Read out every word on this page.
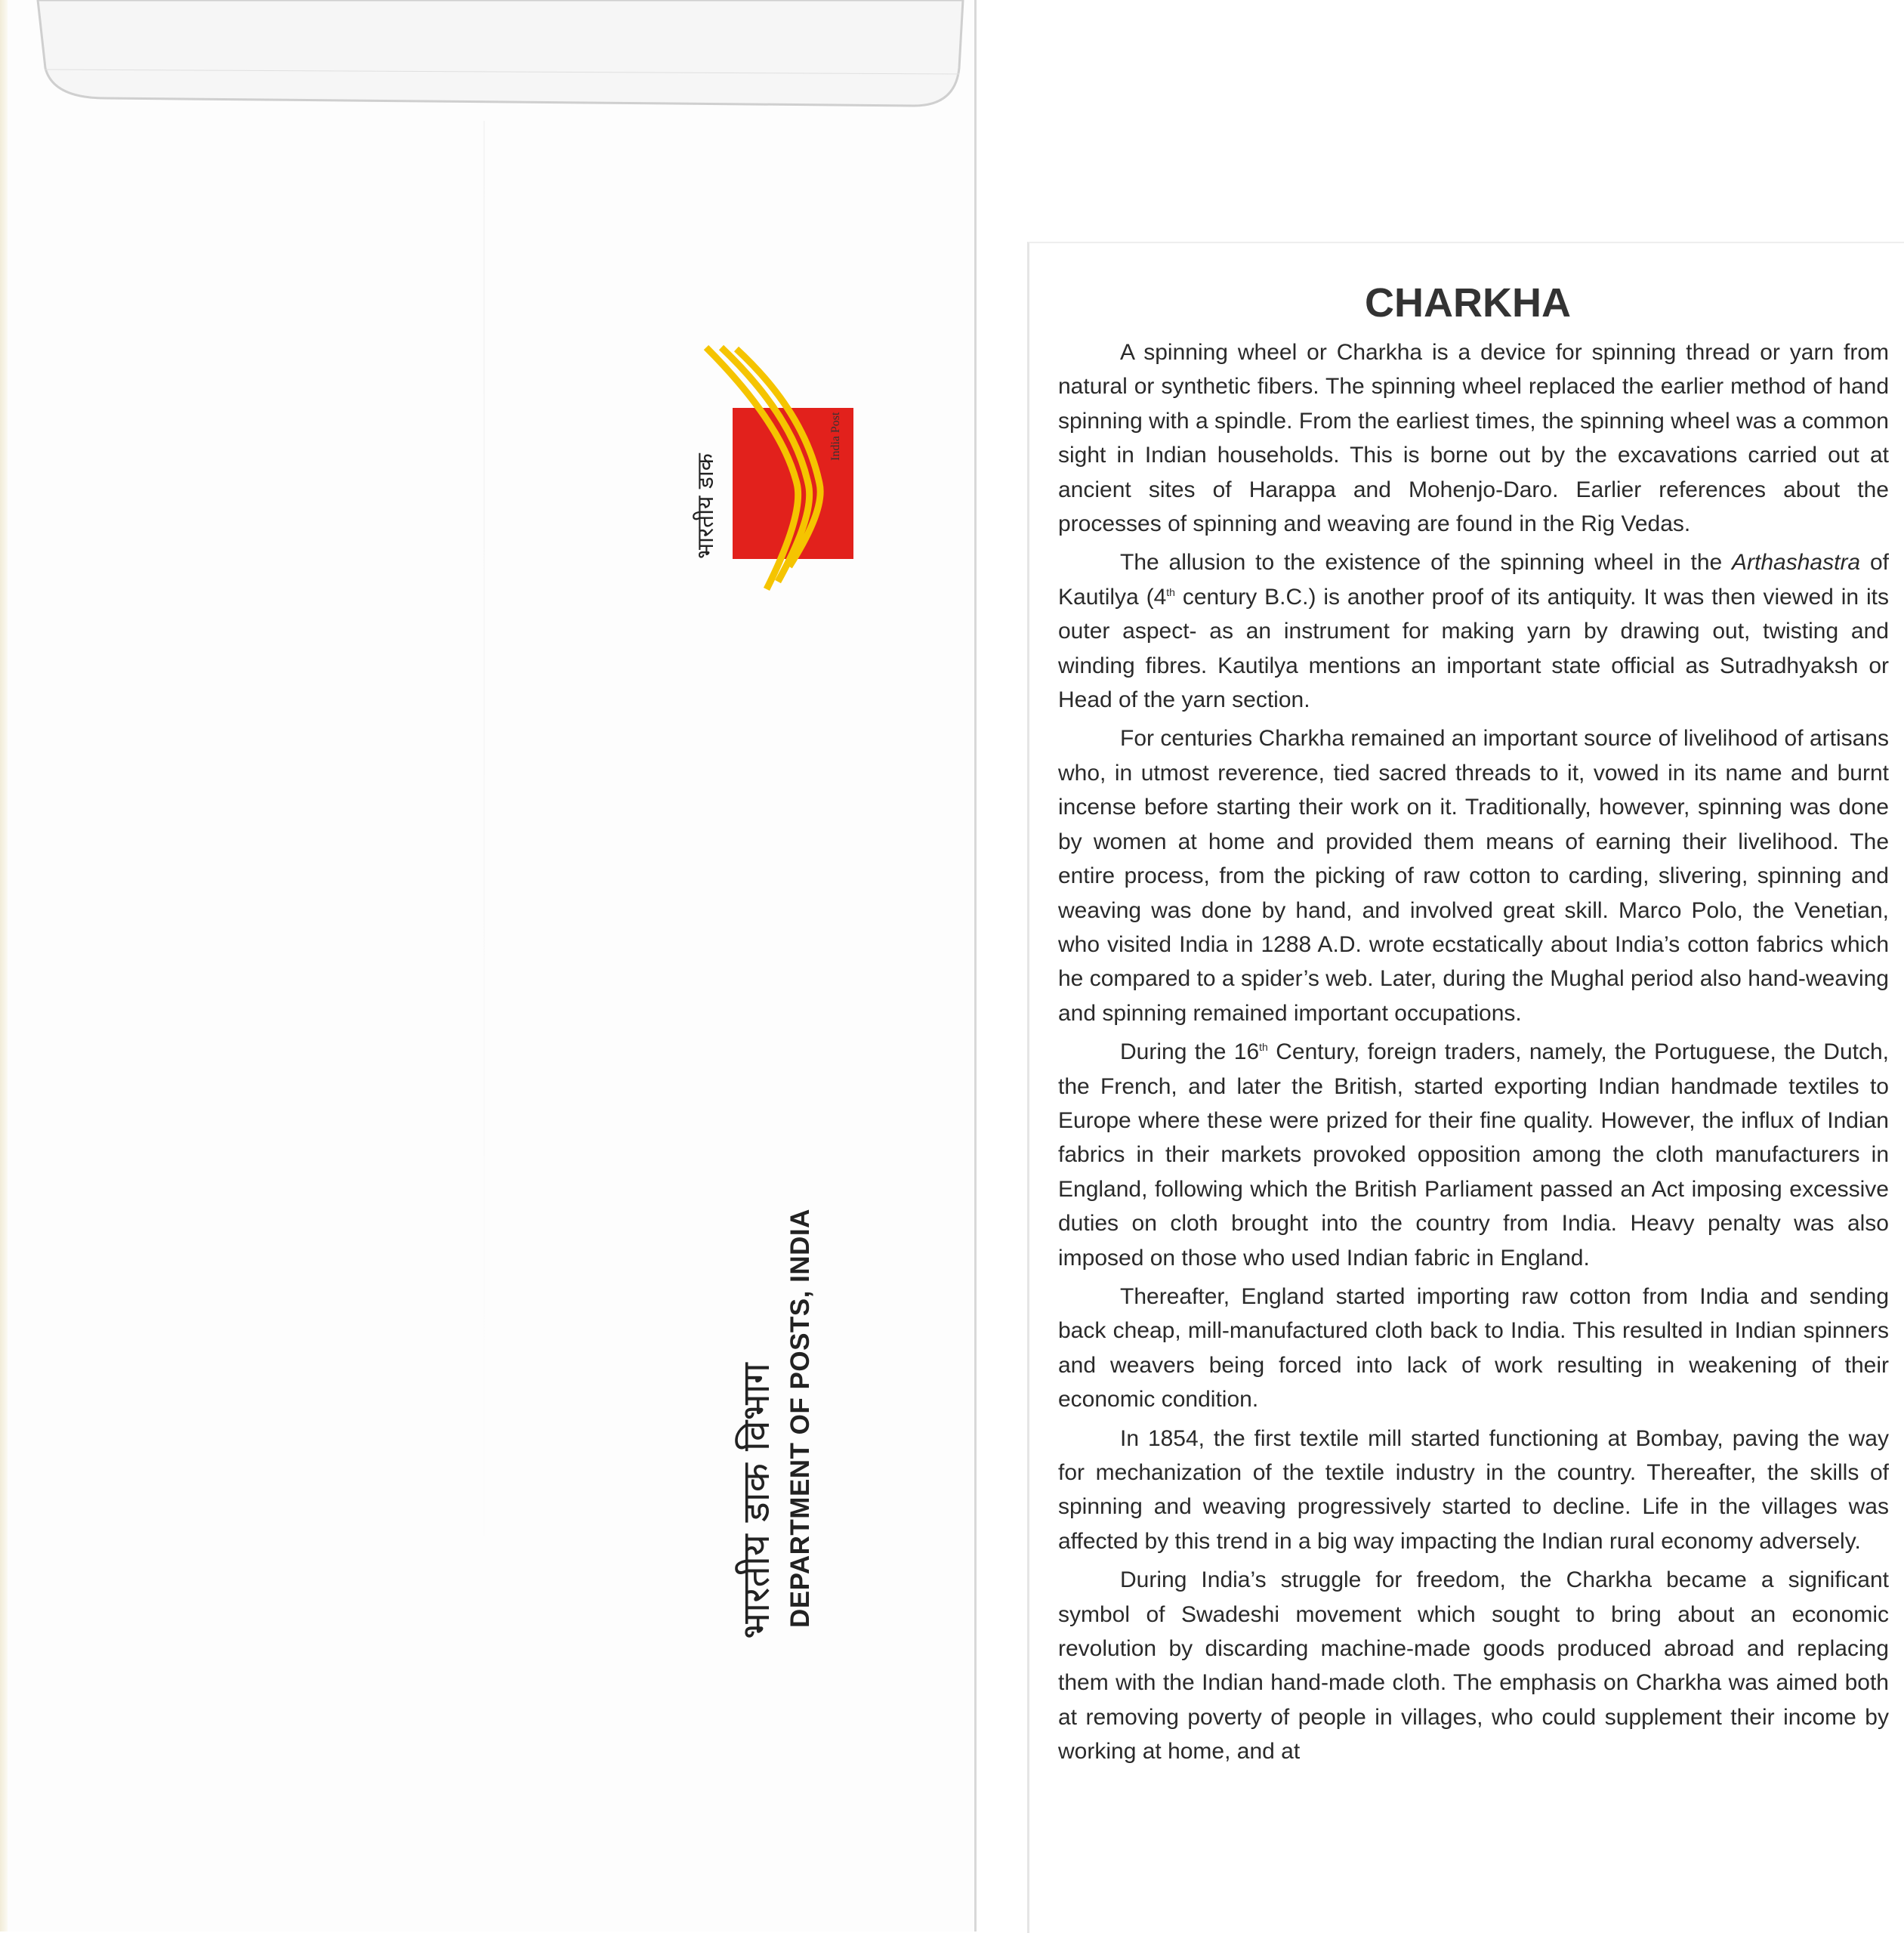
भारतीय डाक
India Post
भारतीय डाक विभाग DEPARTMENT OF POSTS, INDIA
CHARKHA

A spinning wheel or Charkha is a device for spinning thread or yarn from natural or synthetic fibers. The spinning wheel replaced the earlier method of hand spinning with a spindle. From the earliest times, the spinning wheel was a common sight in Indian households. This is borne out by the excavations carried out at ancient sites of Harappa and Mohenjo-Daro. Earlier references about the processes of spinning and weaving are found in the Rig Vedas.

The allusion to the existence of the spinning wheel in the Arthashastra of Kautilya (4th century B.C.) is another proof of its antiquity. It was then viewed in its outer aspect- as an instrument for making yarn by drawing out, twisting and winding fibres. Kautilya mentions an important state official as Sutradhyaksh or Head of the yarn section.

For centuries Charkha remained an important source of livelihood of artisans who, in utmost reverence, tied sacred threads to it, vowed in its name and burnt incense before starting their work on it. Traditionally, however, spinning was done by women at home and provided them means of earning their livelihood. The entire process, from the picking of raw cotton to carding, slivering, spinning and weaving was done by hand, and involved great skill. Marco Polo, the Venetian, who visited India in 1288 A.D. wrote ecstatically about India’s cotton fabrics which he compared to a spider’s web. Later, during the Mughal period also hand-weaving and spinning remained important occupations.

During the 16th Century, foreign traders, namely, the Portuguese, the Dutch, the French, and later the British, started exporting Indian handmade textiles to Europe where these were prized for their fine quality. However, the influx of Indian fabrics in their markets provoked opposition among the cloth manufacturers in England, following which the British Parliament passed an Act imposing excessive duties on cloth brought into the country from India. Heavy penalty was also imposed on those who used Indian fabric in England.

Thereafter, England started importing raw cotton from India and sending back cheap, mill-manufactured cloth back to India. This resulted in Indian spinners and weavers being forced into lack of work resulting in weakening of their economic condition.

In 1854, the first textile mill started functioning at Bombay, paving the way for mechanization of the textile industry in the country. Thereafter, the skills of spinning and weaving progressively started to decline. Life in the villages was affected by this trend in a big way impacting the Indian rural economy adversely.

During India’s struggle for freedom, the Charkha became a significant symbol of Swadeshi movement which sought to bring about an economic revolution by discarding machine-made goods produced abroad and replacing them with the Indian hand-made cloth. The emphasis on Charkha was aimed both at removing poverty of people in villages, who could supplement their income by working at home, and at
